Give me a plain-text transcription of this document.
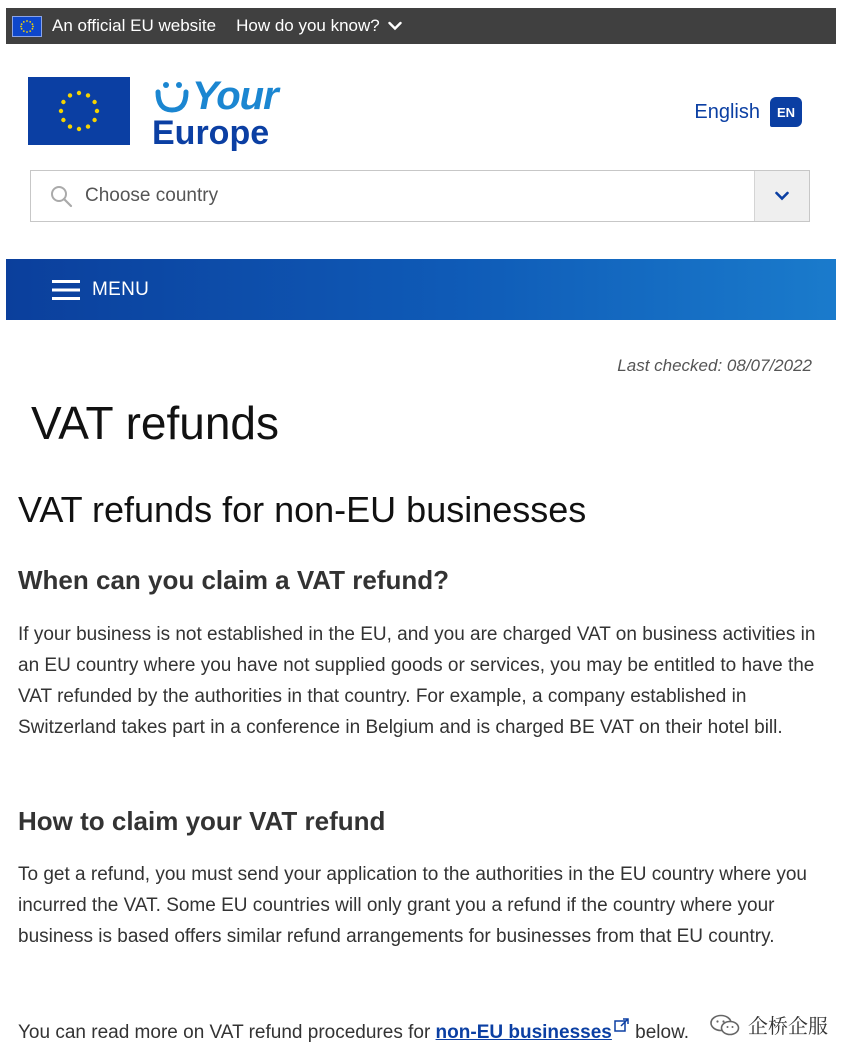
An official EU website How do you know?
Your
Europe
English	EN
Choose country
MENU
Last checked: 08/07/2022
VAT refunds
VAT refunds for non-EU businesses
When can you claim a VAT refund?

If your business is not established in the EU, and you are charged VAT on business activities in an EU country where you have not supplied goods or services, you may be entitled to have the VAT refunded by the authorities in that country. For example, a company established in Switzerland takes part in a conference in Belgium and is charged BE VAT on their hotel bill.

How to claim your VAT refund

To get a refund, you must send your application to the authorities in the EU country where you incurred the VAT. Some EU countries will only grant you a refund if the country where your business is based offers similar refund arrangements for businesses from that EU country.

You can read more on VAT refund procedures for non-EU businesses below.	企桥企服
